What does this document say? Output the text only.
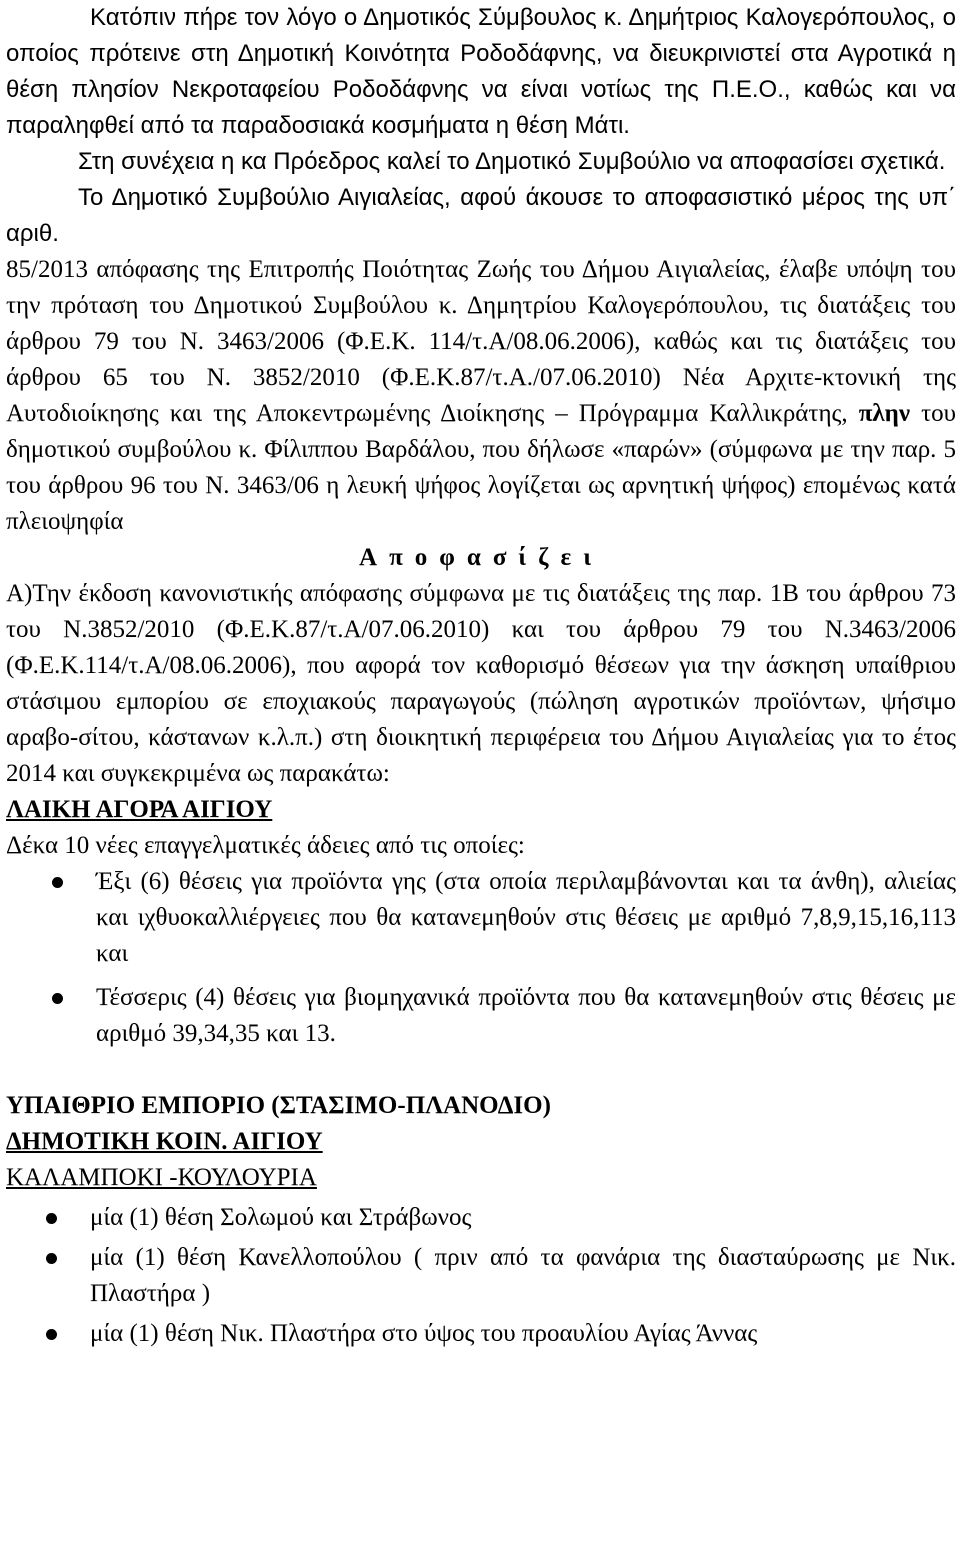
Κατόπιν πήρε τον λόγο ο Δημοτικός Σύμβουλος κ. Δημήτριος Καλογερόπουλος, ο οποίος πρότεινε στη Δημοτική Κοινότητα Ροδοδάφνης, να διευκρινιστεί στα Αγροτικά η θέση πλησίον Νεκροταφείου Ροδοδάφνης να είναι νοτίως της Π.Ε.Ο., καθώς και να παραληφθεί από τα παραδοσιακά κοσμήματα η θέση Μάτι.

Στη συνέχεια η κα Πρόεδρος καλεί το Δημοτικό Συμβούλιο να αποφασίσει σχετικά.

Το Δημοτικό Συμβούλιο Αιγιαλείας, αφού άκουσε το αποφασιστικό μέρος της υπ΄ αριθ.

85/2013 απόφασης της Επιτροπής Ποιότητας Ζωής του Δήμου Αιγιαλείας, έλαβε υπόψη του την πρόταση του Δημοτικού Συμβούλου κ. Δημητρίου Καλογερόπουλου, τις διατάξεις του άρθρου 79 του Ν. 3463/2006 (Φ.Ε.Κ. 114/τ.Α/08.06.2006), καθώς και τις διατάξεις του άρθρου 65 του Ν. 3852/2010 (Φ.Ε.Κ.87/τ.Α./07.06.2010) Νέα Αρχιτε-κτονική της Αυτοδιοίκησης και της Αποκεντρωμένης Διοίκησης – Πρόγραμμα Καλλικράτης, πλην του δημοτικού συμβούλου κ. Φίλιππου Βαρδάλου, που δήλωσε «παρών» (σύμφωνα με την παρ. 5 του άρθρου 96 του Ν. 3463/06 η λευκή ψήφος λογίζεται ως αρνητική ψήφος) επομένως κατά πλειοψηφία

Αποφασίζει

Α)Την έκδοση κανονιστικής απόφασης σύμφωνα με τις διατάξεις της παρ. 1Β του άρθρου 73 του Ν.3852/2010 (Φ.Ε.Κ.87/τ.Α/07.06.2010) και του άρθρου 79 του Ν.3463/2006 (Φ.Ε.Κ.114/τ.Α/08.06.2006), που αφορά τον καθορισμό θέσεων για την άσκηση υπαίθριου στάσιμου εμπορίου σε εποχιακούς παραγωγούς (πώληση αγροτικών προϊόντων, ψήσιμο αραβο-σίτου, κάστανων κ.λ.π.) στη διοικητική περιφέρεια του Δήμου Αιγιαλείας για το έτος 2014 και συγκεκριμένα ως παρακάτω:

ΛΑΙΚΗ ΑΓΟΡΑ ΑΙΓΙΟΥ

Δέκα 10 νέες επαγγελματικές άδειες από τις οποίες:

Έξι (6) θέσεις για προϊόντα γης (στα οποία περιλαμβάνονται και τα άνθη), αλιείας και ιχθυοκαλλιέργειες που θα κατανεμηθούν στις θέσεις με αριθμό 7,8,9,15,16,113 και
Τέσσερις (4) θέσεις για βιομηχανικά προϊόντα που θα κατανεμηθούν στις θέσεις με αριθμό 39,34,35 και 13.

ΥΠΑΙΘΡΙΟ ΕΜΠΟΡΙΟ (ΣΤΑΣΙΜΟ-ΠΛΑΝΟΔΙΟ)

ΔΗΜΟΤΙΚΗ ΚΟΙΝ. ΑΙΓΙΟΥ

ΚΑΛΑΜΠΟΚΙ -ΚΟΥΛΟΥΡΙΑ

μία (1) θέση Σολωμού και Στράβωνος
μία (1) θέση Κανελλοπούλου ( πριν από τα φανάρια της διασταύρωσης με Νικ. Πλαστήρα )
μία (1) θέση Νικ. Πλαστήρα στο ύψος του προαυλίου Αγίας Άννας
